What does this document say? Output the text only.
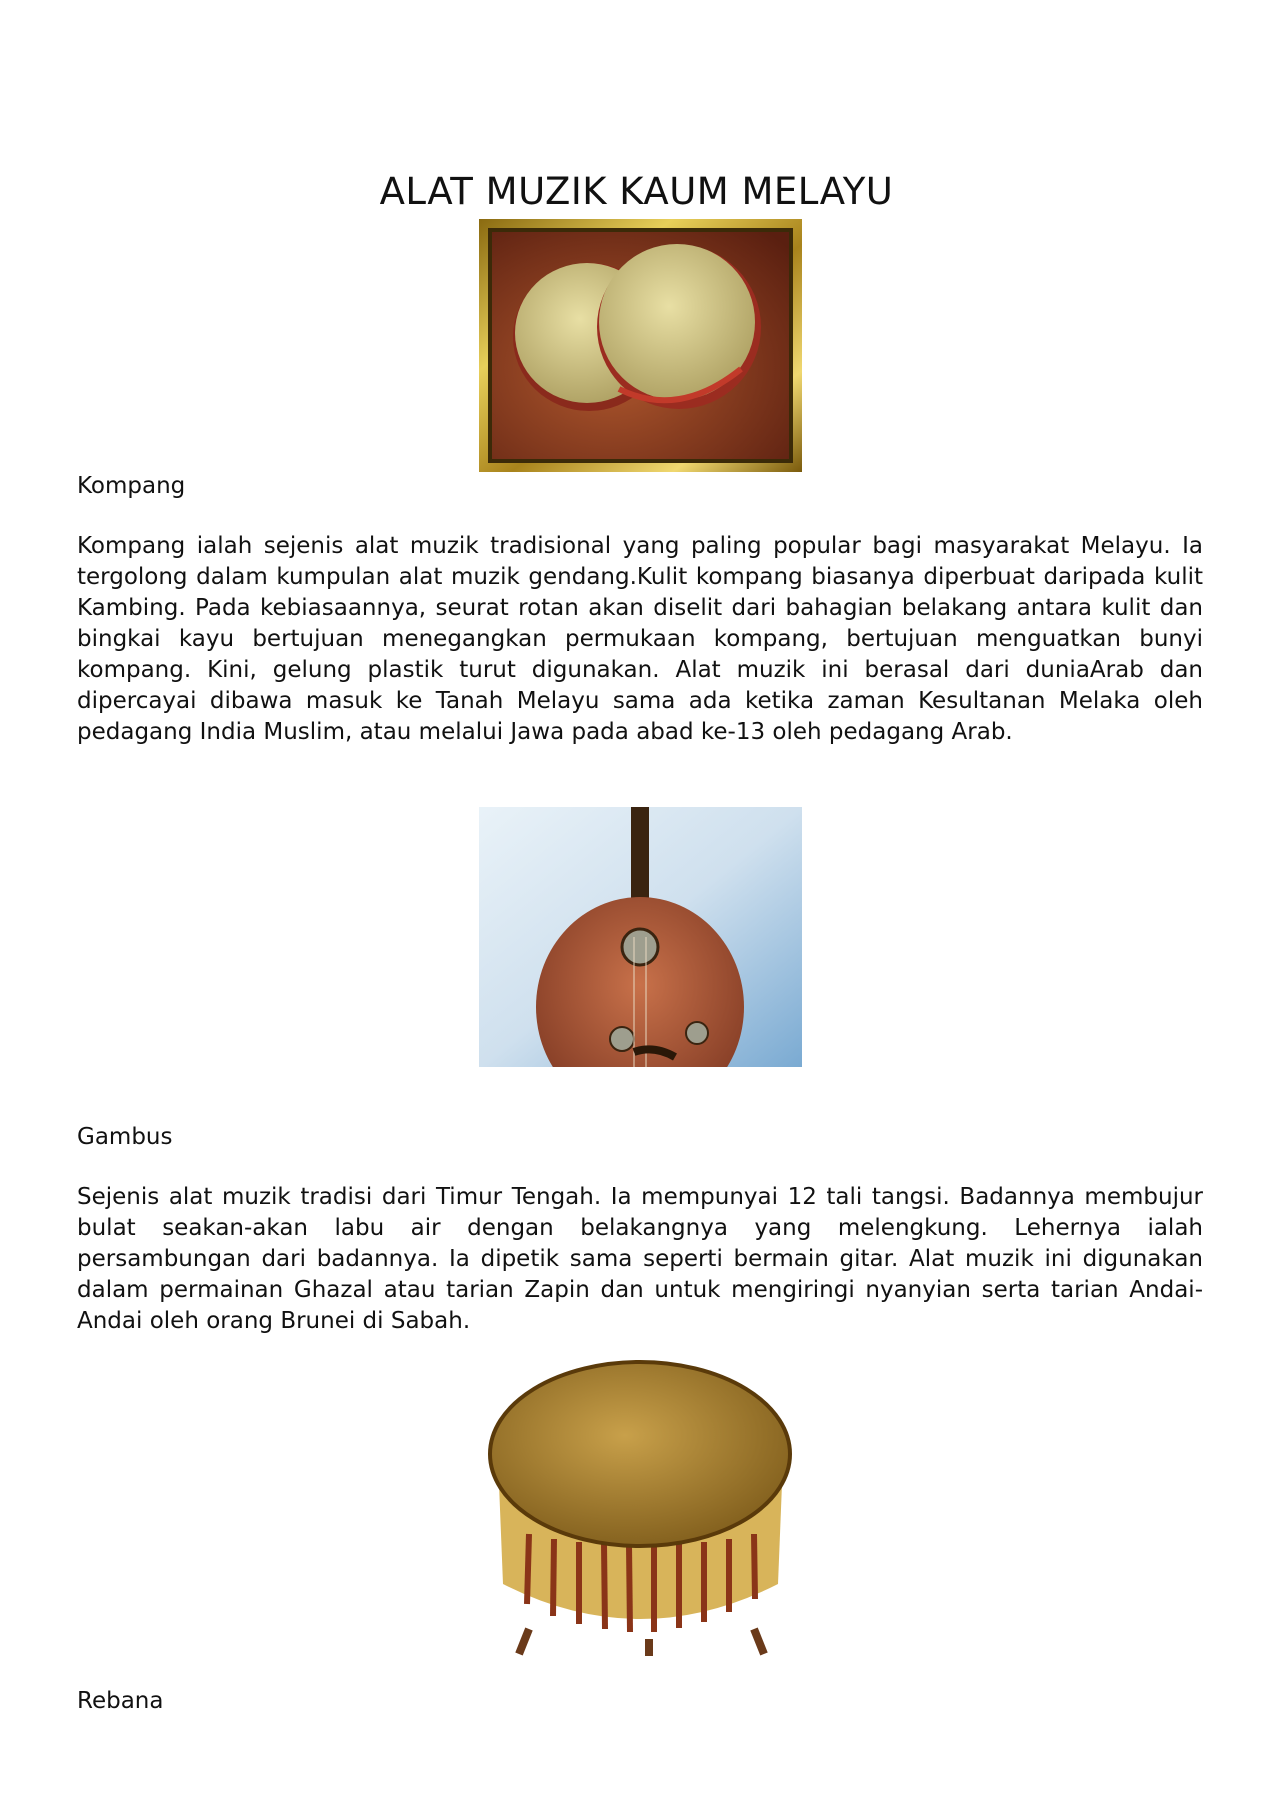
ALAT MUZIK KAUM MELAYU
Kompang

Kompang ialah sejenis alat muzik tradisional yang paling popular bagi masyarakat Melayu. Ia tergolong dalam kumpulan alat muzik gendang.Kulit kompang biasanya diperbuat daripada kulit Kambing. Pada kebiasaannya, seurat rotan akan diselit dari bahagian belakang antara kulit dan bingkai kayu bertujuan menegangkan permukaan kompang, bertujuan menguatkan bunyi kompang. Kini, gelung plastik turut digunakan. Alat muzik ini berasal dari duniaArab dan dipercayai dibawa masuk ke Tanah Melayu sama ada ketika zaman Kesultanan Melaka oleh pedagang India Muslim, atau melalui Jawa pada abad ke-13 oleh pedagang Arab.

Gambus

Sejenis alat muzik tradisi dari Timur Tengah. Ia mempunyai 12 tali tangsi. Badannya membujur bulat seakan-akan labu air dengan belakangnya yang melengkung. Lehernya ialah persambungan dari badannya. Ia dipetik sama seperti bermain gitar. Alat muzik ini digunakan dalam permainan Ghazal atau tarian Zapin dan untuk mengiringi nyanyian serta tarian Andai-Andai oleh orang Brunei di Sabah.

Rebana
